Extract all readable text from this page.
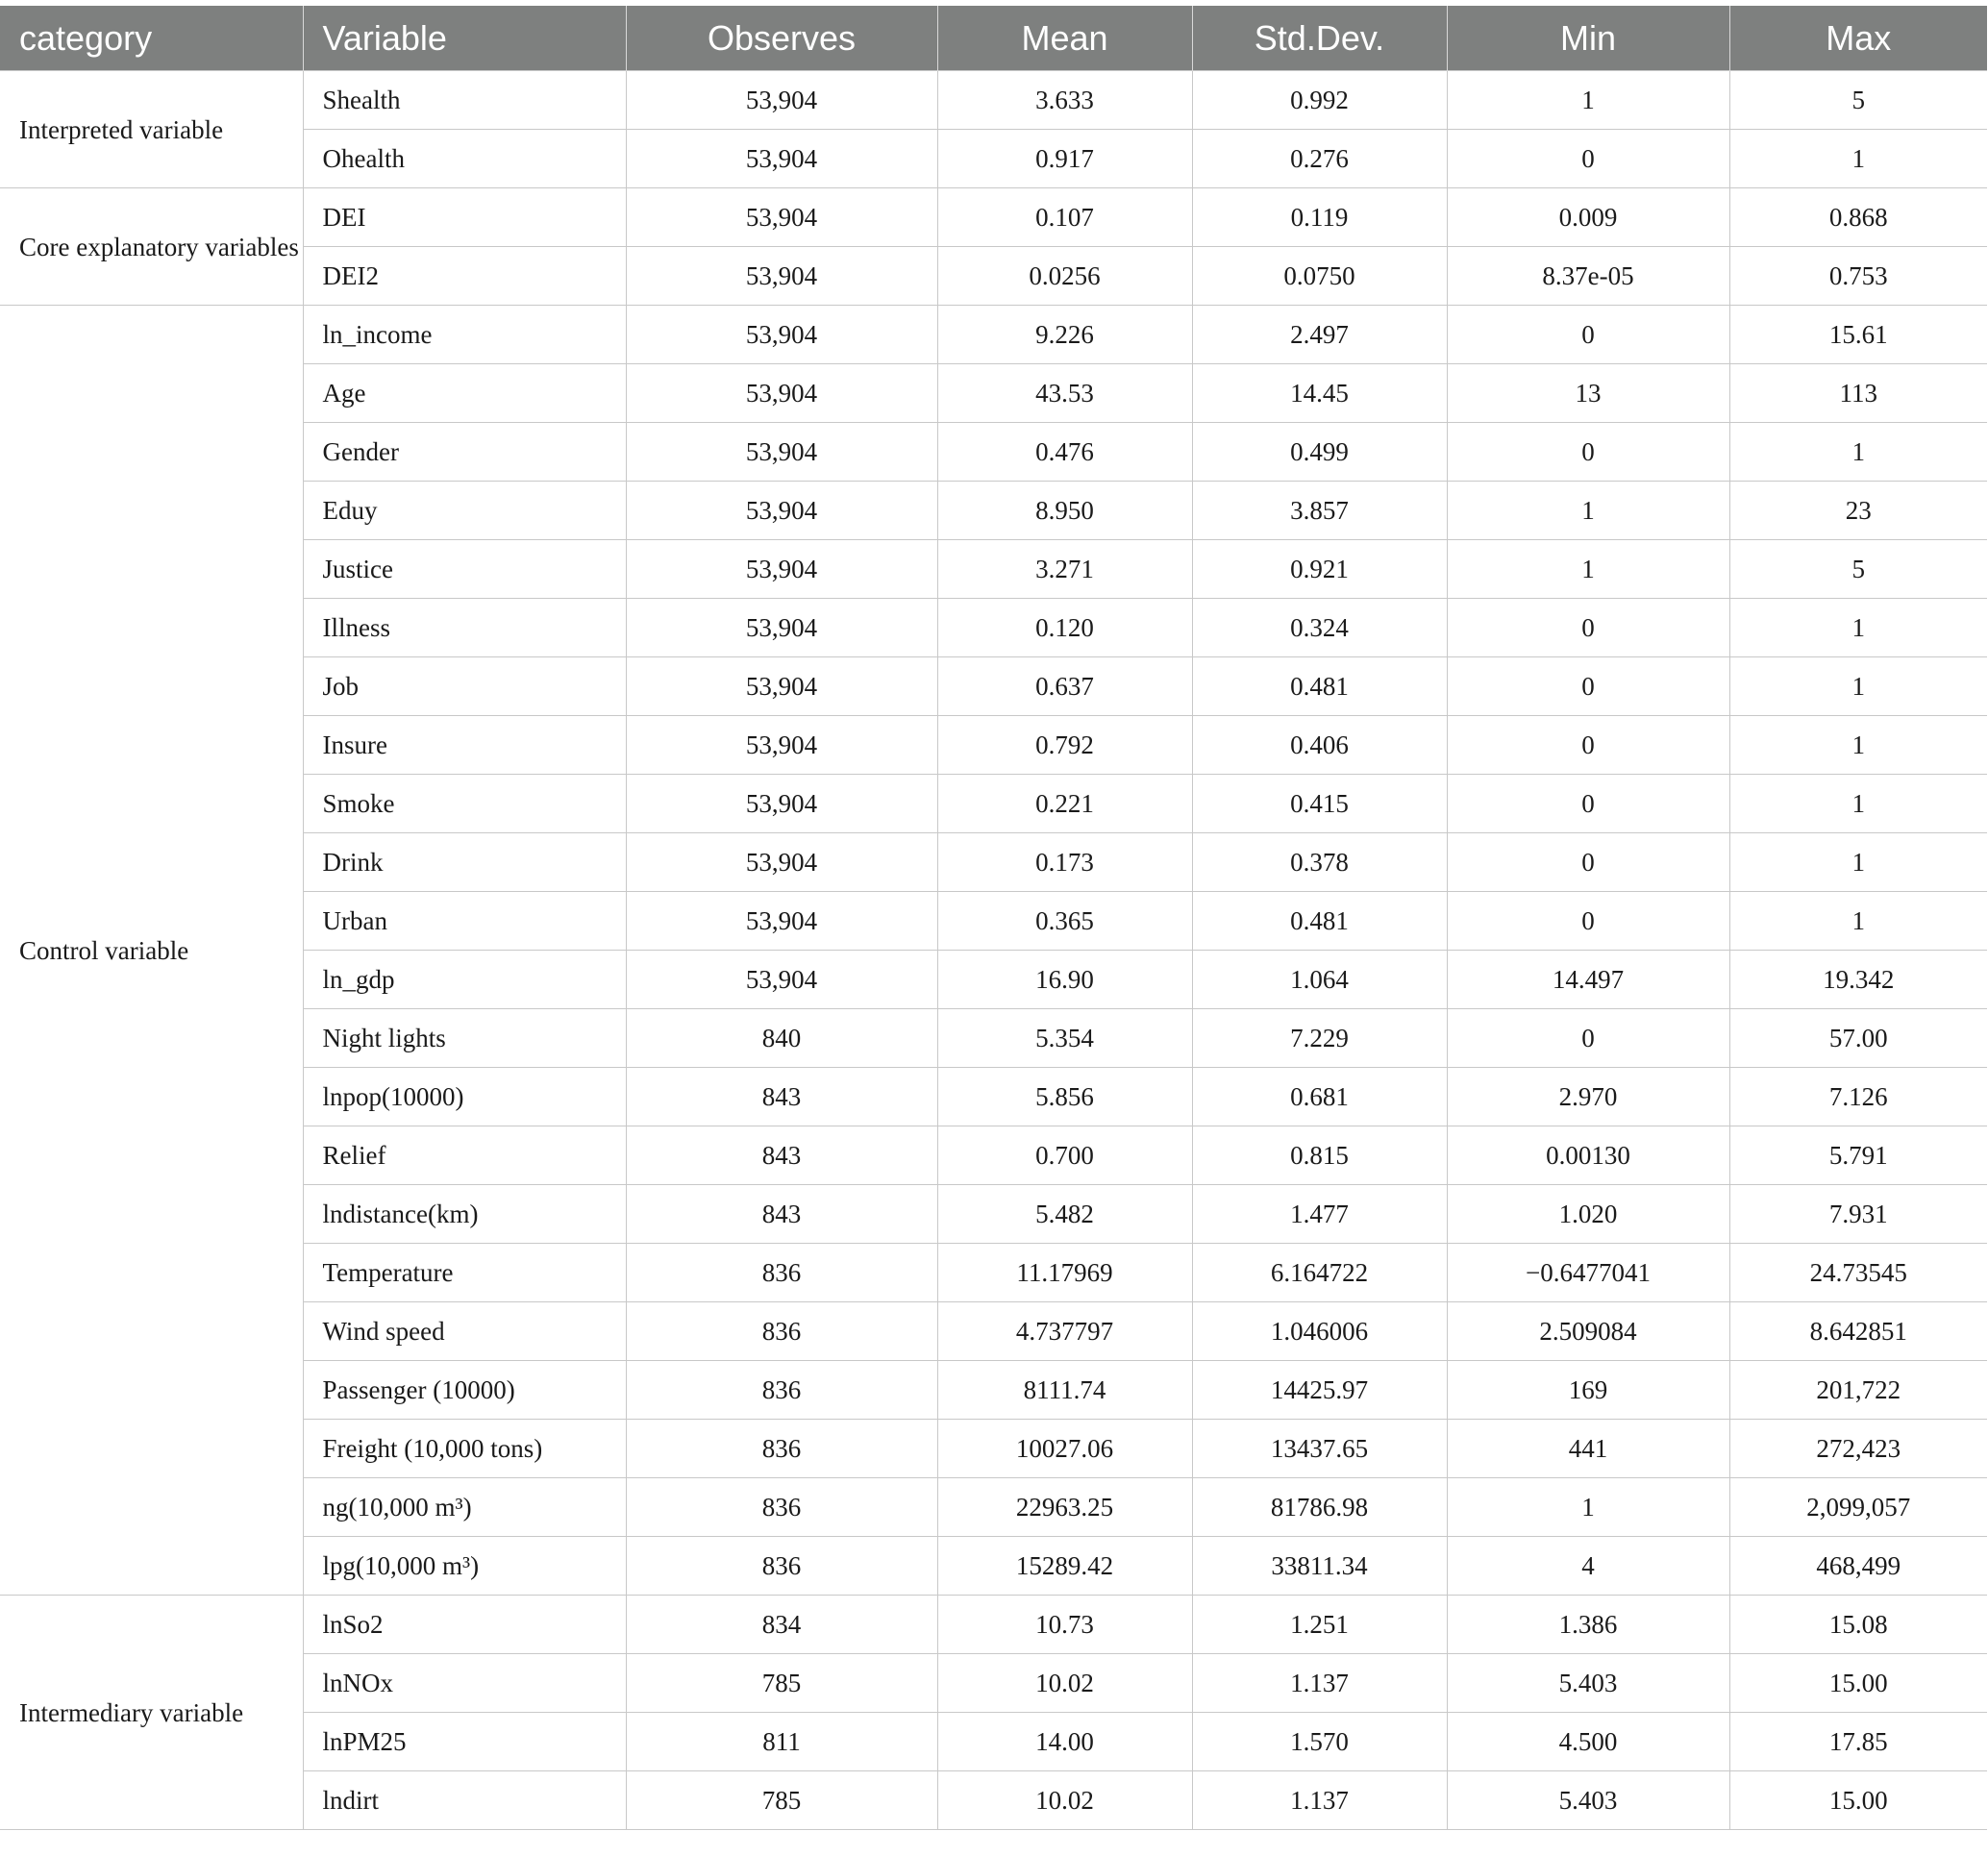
category	Variable	Observes	Mean	Std.Dev.	Min	Max
Interpreted variable	Shealth	53,904	3.633	0.992	1	5
	Ohealth	53,904	0.917	0.276	0	1
Core explanatory variables	DEI	53,904	0.107	0.119	0.009	0.868
	DEI2	53,904	0.0256	0.0750	8.37e-05	0.753
Control variable	ln_income	53,904	9.226	2.497	0	15.61
	Age	53,904	43.53	14.45	13	113
	Gender	53,904	0.476	0.499	0	1
	Eduy	53,904	8.950	3.857	1	23
	Justice	53,904	3.271	0.921	1	5
	Illness	53,904	0.120	0.324	0	1
	Job	53,904	0.637	0.481	0	1
	Insure	53,904	0.792	0.406	0	1
	Smoke	53,904	0.221	0.415	0	1
	Drink	53,904	0.173	0.378	0	1
	Urban	53,904	0.365	0.481	0	1
	ln_gdp	53,904	16.90	1.064	14.497	19.342
	Night lights	840	5.354	7.229	0	57.00
	lnpop(10000)	843	5.856	0.681	2.970	7.126
	Relief	843	0.700	0.815	0.00130	5.791
	lndistance(km)	843	5.482	1.477	1.020	7.931
	Temperature	836	11.17969	6.164722	−0.6477041	24.73545
	Wind speed	836	4.737797	1.046006	2.509084	8.642851
	Passenger (10000)	836	8111.74	14425.97	169	201,722
	Freight (10,000 tons)	836	10027.06	13437.65	441	272,423
	ng(10,000 m³)	836	22963.25	81786.98	1	2,099,057
	lpg(10,000 m³)	836	15289.42	33811.34	4	468,499
Intermediary variable	lnSo2	834	10.73	1.251	1.386	15.08
	lnNOx	785	10.02	1.137	5.403	15.00
	lnPM25	811	14.00	1.570	4.500	17.85
	lndirt	785	10.02	1.137	5.403	15.00
